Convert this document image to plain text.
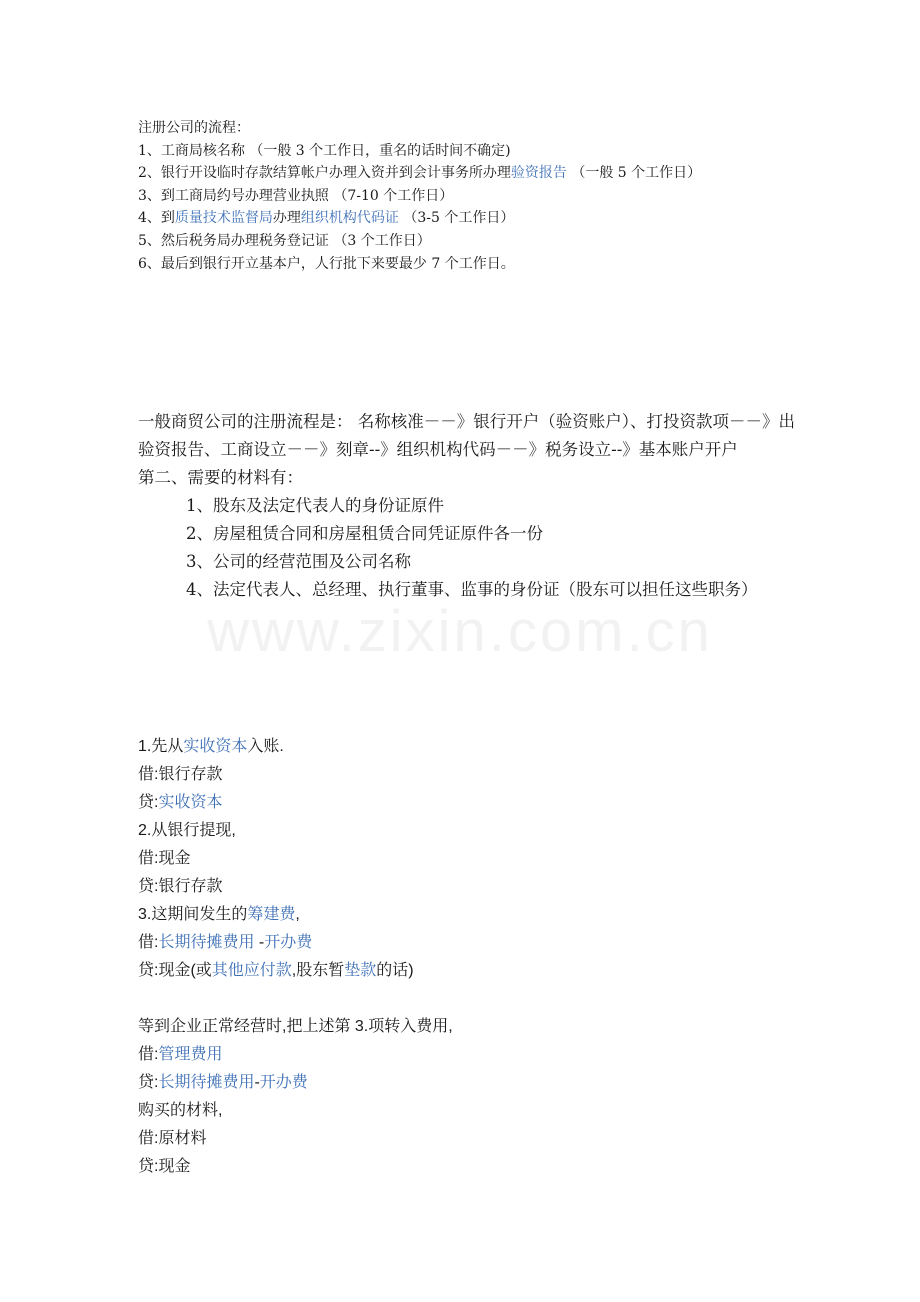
www.zixin.com.cn
注册公司的流程：
1、工商局核名称 （一般 3 个工作日，重名的话时间不确定)
2、银行开设临时存款结算帐户办理入资并到会计事务所办理验资报告 （一般 5 个工作日）
3、到工商局约号办理营业执照 （7-10 个工作日）
4、到质量技术监督局办理组织机构代码证 （3-5 个工作日）
5、然后税务局办理税务登记证 （3 个工作日）
6、最后到银行开立基本户，人行批下来要最少 7 个工作日。
一般商贸公司的注册流程是： 名称核准－－》银行开户（验资账户）、打投资款项－－》出验资报告、工商设立－－》刻章--》组织机构代码－－》税务设立--》基本账户开户
第二、需要的材料有：
1、股东及法定代表人的身份证原件
2、房屋租赁合同和房屋租赁合同凭证原件各一份
3、公司的经营范围及公司名称
4、法定代表人、总经理、执行董事、监事的身份证（股东可以担任这些职务）
1.先从实收资本入账.
借:银行存款
贷:实收资本
2.从银行提现,
借:现金
贷:银行存款
3.这期间发生的筹建费,
借:长期待摊费用 -开办费
贷:现金(或其他应付款,股东暂垫款的话)
等到企业正常经营时,把上述第 3.项转入费用,
借:管理费用
贷:长期待摊费用-开办费
购买的材料,
借:原材料
贷:现金
